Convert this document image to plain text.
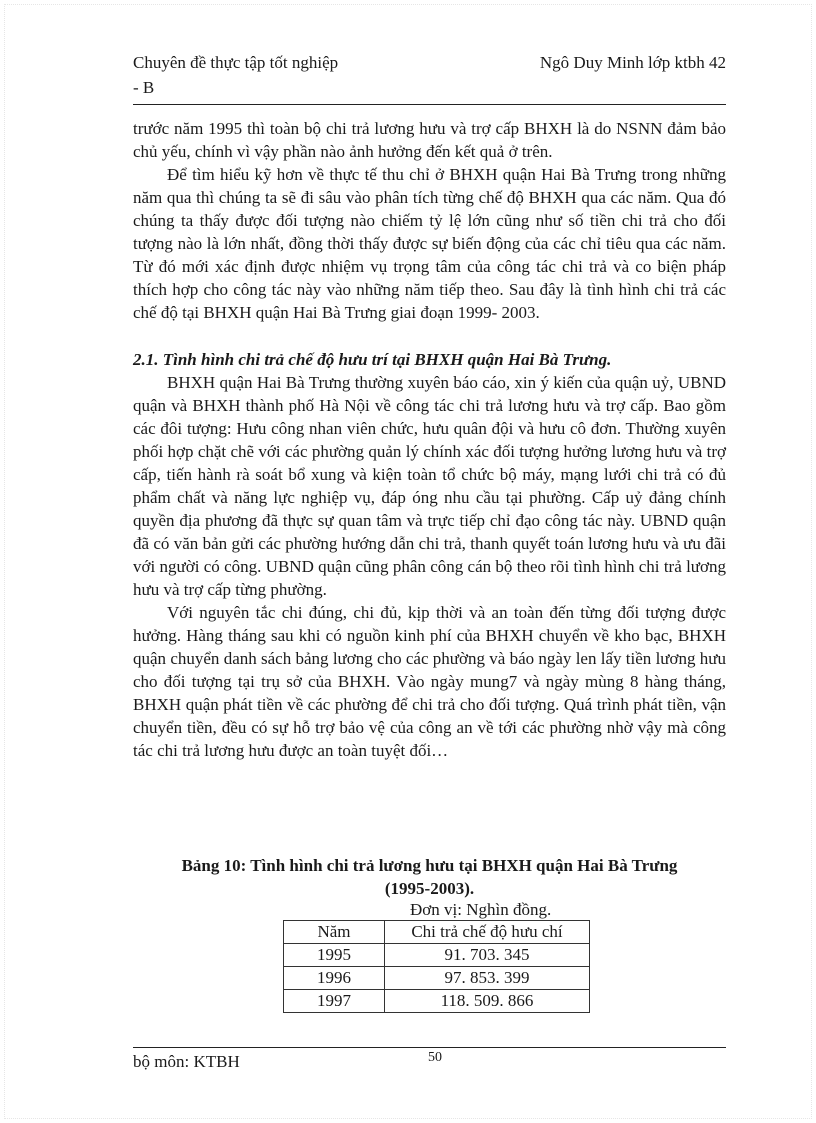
Chuyên đề thực tập tốt nghiệp	Ngô Duy Minh lớp ktbh 42
- B

trước năm 1995 thì toàn bộ chi trả lương hưu và trợ cấp BHXH là do NSNN đảm bảo chủ yếu, chính vì vậy phần nào ảnh hưởng đến kết quả ở trên.

Để tìm hiểu kỹ hơn về thực tế thu chỉ ở BHXH quận Hai Bà Trưng trong những năm qua thì chúng ta sẽ đi sâu vào phân tích từng chế độ BHXH qua các năm. Qua đó chúng ta thấy được đối tượng nào chiếm tỷ lệ lớn cũng như số tiền chi trả cho đối tượng nào là lớn nhất, đồng thời thấy được sự biến động của các chỉ tiêu qua các năm. Từ đó mới xác định được nhiệm vụ trọng tâm của công tác chi trả và co biện pháp thích hợp cho công tác này vào những năm tiếp theo. Sau đây là tình hình chi trả các chế độ tại BHXH quận Hai Bà Trưng giai đoạn 1999- 2003.

2.1. Tình hình chi trả chế độ hưu trí tại BHXH quận Hai Bà Trưng.

BHXH quận Hai Bà Trưng thường xuyên báo cáo, xin ý kiến của quận uỷ, UBND quận và BHXH thành phố Hà Nội về công tác chi trả lương hưu và trợ cấp. Bao gồm các đôi tượng: Hưu công nhan viên chức, hưu quân đội và hưu cô đơn. Thường xuyên phối hợp chặt chẽ với các phường quản lý chính xác đối tượng hưởng lương hưu và trợ cấp, tiến hành rà soát bổ xung và kiện toàn tổ chức bộ máy, mạng lưới chi trả có đủ phẩm chất và năng lực nghiệp vụ, đáp óng nhu cầu tại phường. Cấp uỷ đảng chính quyền địa phương đã thực sự quan tâm và trực tiếp chỉ đạo công tác này. UBND quận đã có văn bản gửi các phường hướng dẫn chi trả, thanh quyết toán lương hưu và ưu đãi với người có công. UBND quận cũng phân công cán bộ theo rõi tình hình chi trả lương hưu và trợ cấp từng phường.

Với nguyên tắc chi đúng, chi đủ, kịp thời và an toàn đến từng đối tượng được hưởng. Hàng tháng sau khi có nguồn kinh phí của BHXH chuyển về kho bạc, BHXH quận chuyển danh sách bảng lương cho các phường và báo ngày len lấy tiền lương hưu cho đối tượng tại trụ sở của BHXH. Vào ngày mung7 và ngày mùng 8 hàng tháng, BHXH quận phát tiền về các phường để chi trả cho đối tượng. Quá trình phát tiền, vận chuyển tiền, đều có sự hỗ trợ bảo vệ của công an về tới các phường nhờ vậy mà công tác chi trả lương hưu được an toàn tuyệt đối…

Bảng 10: Tình hình chi trả lương hưu tại BHXH quận Hai Bà Trưng
(1995-2003).
Đơn vị: Nghìn đồng.
Năm	Chi trả chế độ hưu chí
1995	91. 703. 345
1996	97. 853. 399
1997	118. 509. 866
bộ môn: KTBH	50
